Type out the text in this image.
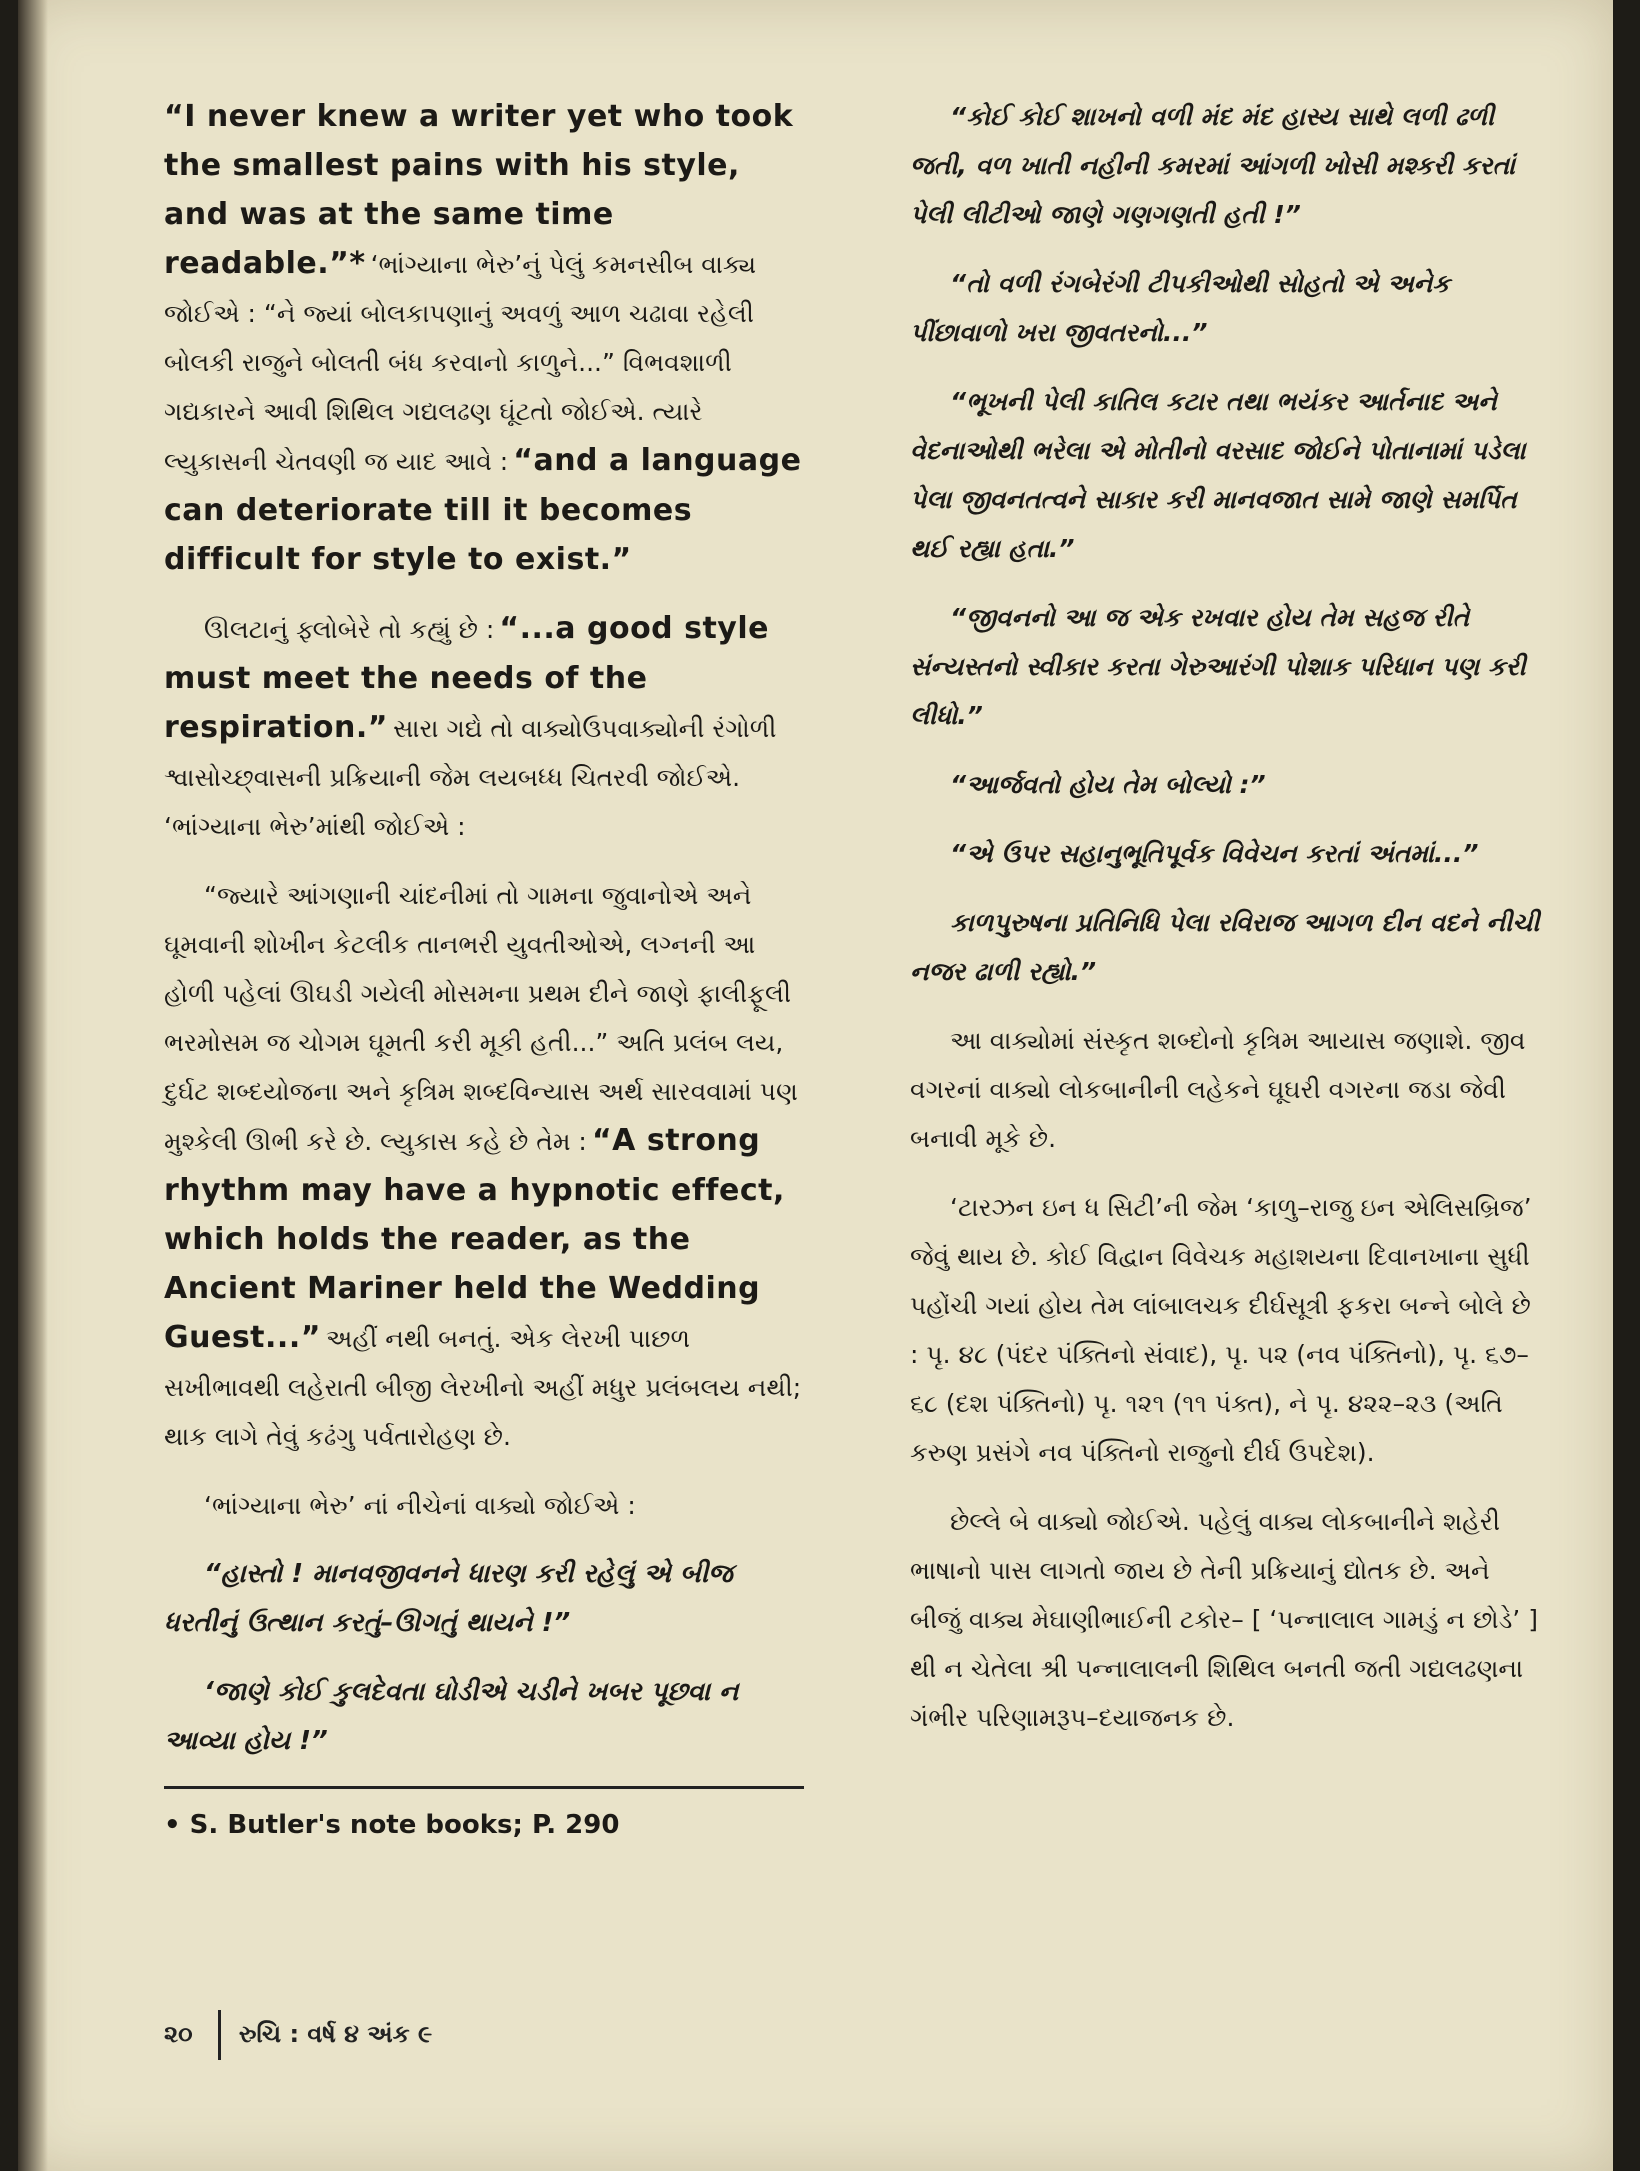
“I never knew a writer yet who took the smallest pains with his style, and was at the same time readable.”* ‘ભાંગ્યાના ભેરુ’નું પેલું કમનસીબ વાક્ય જોઈએ : “ને જ્યાં બોલકાપણાનું અવળું આળ ચઢાવા રહેલી બોલકી રાજુને બોલતી બંધ કરવાનો કાળુને...” વિભવશાળી ગદ્યકારને આવી શિથિલ ગદ્યલઢણ ઘૂંટતો જોઈએ. ત્યારે લ્યુકાસની ચેતવણી જ યાદ આવે : “and a language can deteriorate till it becomes difficult for style to exist.”

ઊલટાનું ફ્લોબેરે તો કહ્યું છે : “...a good style must meet the needs of the respiration.” સારા ગદ્યે તો વાક્યોઉપવાક્યોની રંગોળી શ્વાસોચ્છ્‌વાસની પ્રક્રિયાની જેમ લયબધ્ધ ચિતરવી જોઈએ. ‘ભાંગ્યાના ભેરુ’માંથી જોઈએ :

“જ્યારે આંગણાની ચાંદનીમાં તો ગામના જુવાનોએ અને ઘૂમવાની શોખીન કેટલીક તાનભરી યુવતીઓએ, લગ્નની આ હોળી પહેલાં ઊઘડી ગયેલી મોસમના પ્રથમ દીને જાણે ફાલીફૂલી ભરમોસમ જ ચોગમ ઘૂમતી કરી મૂકી હતી...” અતિ પ્રલંબ લય, દુર્ઘટ શબ્દયોજના અને કૃત્રિમ શબ્દવિન્યાસ અર્થ સારવવામાં પણ મુશ્કેલી ઊભી કરે છે. લ્યુકાસ કહે છે તેમ : “A strong rhythm may have a hypnotic effect, which holds the reader, as the Ancient Mariner held the Wedding Guest...” અહીં નથી બનતું. એક લેરખી પાછળ સખીભાવથી લહેરાતી બીજી લેરખીનો અહીં મધુર પ્રલંબલય નથી; થાક લાગે તેવું કઢંગુ પર્વતારોહણ છે.

‘ભાંગ્યાના ભેરુ’ નાં નીચેનાં વાક્યો જોઈએ :

“હાસ્તો ! માનવજીવનને ધારણ કરી રહેલું એ બીજ ધરતીનું ઉત્થાન કરતું–ઊગતું થાયને !”

‘જાણે કોઈ કુલદેવતા ઘોડીએ ચડીને ખબર પૂછવા ન આવ્યા હોય !”

• S. Butler's note books; P. 290

“કોઈ કોઈ શાખનો વળી મંદ મંદ હાસ્ય સાથે લળી ઢળી જતી, વળ ખાતી નહીની કમરમાં આંગળી ખોસી મશ્કરી કરતાં પેલી લીટીઓ જાણે ગણગણતી હતી !”

“તો વળી રંગબેરંગી ટીપકીઓથી સોહતો એ અનેક પીંછાવાળો ખરા જીવતરનો...”

“ભૂખની પેલી કાતિલ કટાર તથા ભયંકર આર્તનાદ અને વેદનાઓથી ભરેલા એ મોતીનો વરસાદ જોઈને પોતાનામાં પડેલા પેલા જીવનતત્વને સાકાર કરી માનવજાત સામે જાણે સમર્પિત થઈ રહ્યા હતા.”

“જીવનનો આ જ એક રખવાર હોય તેમ સહજ રીતે સંન્યસ્તનો સ્વીકાર કરતા ગેરુઆરંગી પોશાક પરિધાન પણ કરી લીધો.”

“આર્જવતો હોય તેમ બોલ્યો :”

“એ ઉપર સહાનુભૂતિપૂર્વક વિવેચન કરતાં અંતમાં...”

કાળપુરુષના પ્રતિનિધિ પેલા રવિરાજ આગળ દીન વદને નીચી નજર ઢાળી રહ્યો.”

આ વાક્યોમાં સંસ્કૃત શબ્દોનો કૃત્રિમ આયાસ જણાશે. જીવ વગરનાં વાક્યો લોકબાનીની લહેકને ઘૂઘરી વગરના જડા જેવી બનાવી મૂકે છે.

‘ટારઝન ઇન ધ સિટી’ની જેમ ‘કાળુ–રાજુ ઇન એલિસબ્રિજ’ જેવું થાય છે. કોઈ વિદ્વાન વિવેચક મહાશયના દિવાનખાના સુધી પહોંચી ગયાં હોય તેમ લાંબાલચક દીર્ઘસૂત્રી ફકરા બન્ને બોલે છે : પૃ. ૪૮ (પંદર પંક્તિનો સંવાદ), પૃ. ૫૨ (નવ પંક્તિનો), પૃ. ૬૭–૬૮ (દશ પંક્તિનો) પૃ. ૧૨૧ (૧૧ પંક્ત), ને પૃ. ૪૨૨–૨૩ (અતિ કરુણ પ્રસંગે નવ પંક્તિનો રાજુનો દીર્ઘ ઉપદેશ).

છેલ્લે બે વાક્યો જોઈએ. પહેલું વાક્ય લોકબાનીને શહેરી ભાષાનો પાસ લાગતો જાય છે તેની પ્રક્રિયાનું દ્યોતક છે. અને બીજું વાક્ય મેઘાણીભાઈની ટકોર– [ ‘પન્નાલાલ ગામડું ન છોડે’ ] થી ન ચેતેલા શ્રી પન્નાલાલની શિથિલ બનતી જતી ગદ્યલઢણના ગંભીર પરિણામરૂપ–દયાજનક છે.

૨૦ રુચિ : વર્ષ ૪ અંક ૯
